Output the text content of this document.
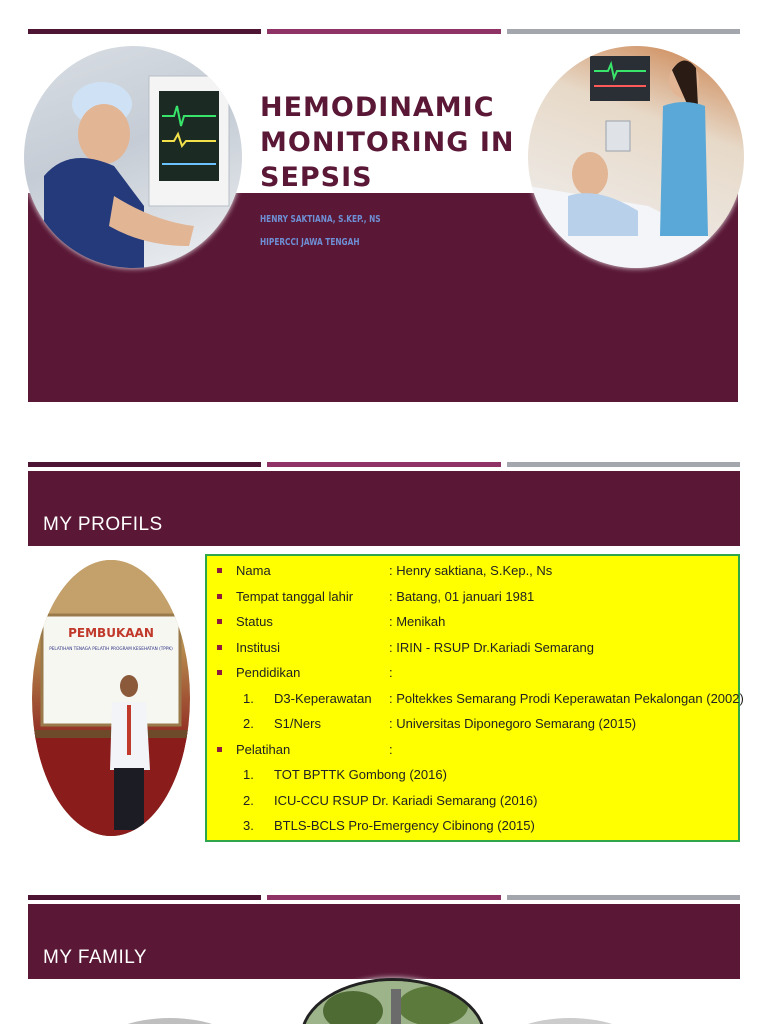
HEMODINAMIC MONITORING IN SEPSIS
HENRY SAKTIANA, S.KEP., NS
HIPERCCI JAWA TENGAH
MY PROFILS
PEMBUKAAN
PELATIHAN TENAGA PELATIH PROGRAM KESEHATAN (TPPK)
Nama	: Henry saktiana, S.Kep., Ns
Tempat tanggal lahir	: Batang, 01 januari 1981
Status	: Menikah
Institusi	: IRIN - RSUP Dr.Kariadi Semarang
Pendidikan	:
1. D3-Keperawatan : Poltekkes Semarang Prodi Keperawatan Pekalongan (2002)
2. S1/Ners	: Universitas Diponegoro Semarang (2015)
Pelatihan	:
1. TOT BPTTK Gombong (2016)
2. ICU-CCU RSUP Dr. Kariadi Semarang (2016)
3. BTLS-BCLS Pro-Emergency Cibinong (2015)
MY FAMILY
